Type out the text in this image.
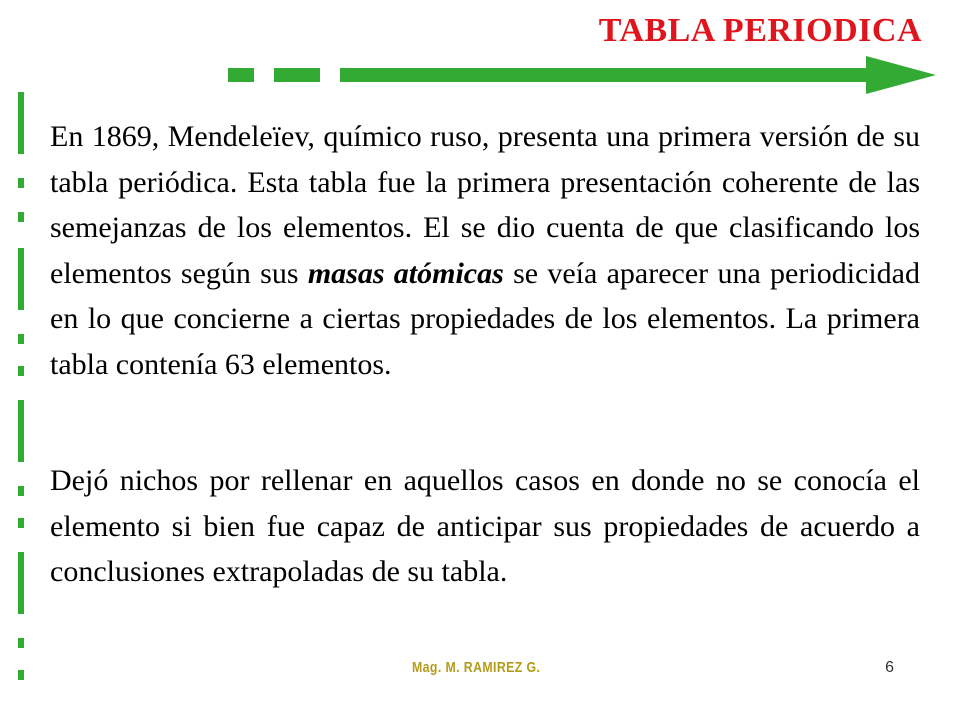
TABLA PERIODICA
En 1869, Mendeleïev, químico ruso, presenta una primera versión de su tabla periódica. Esta tabla fue la primera presentación coherente de las semejanzas de los elementos. El se dio cuenta de que clasificando los elementos según sus masas atómicas se veía aparecer una periodicidad en lo que concierne a ciertas propiedades de los elementos. La primera tabla contenía 63 elementos.
Dejó nichos por rellenar en aquellos casos en donde no se conocía el elemento si bien fue capaz de anticipar sus propiedades de acuerdo a conclusiones extrapoladas de su tabla.
Mag. M. RAMIREZ G.	6
